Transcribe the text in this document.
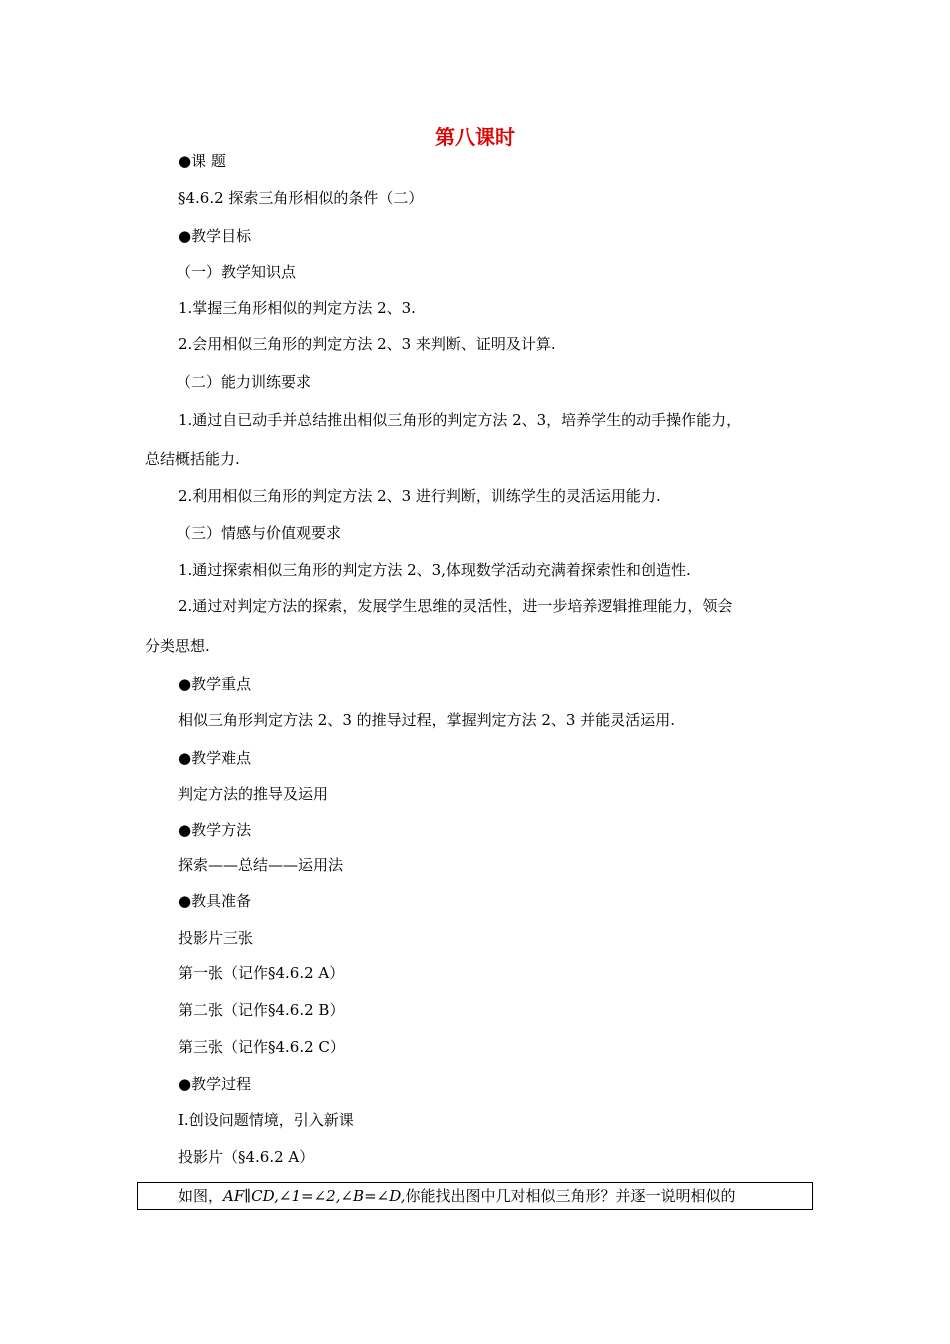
第八课时
●课 题
§4.6.2 探索三角形相似的条件（二）
●教学目标
（一）教学知识点
1.掌握三角形相似的判定方法 2、3.
2.会用相似三角形的判定方法 2、3 来判断、证明及计算.
（二）能力训练要求
1.通过自已动手并总结推出相似三角形的判定方法 2、3，培养学生的动手操作能力，
总结概括能力.
2.利用相似三角形的判定方法 2、3 进行判断，训练学生的灵活运用能力.
（三）情感与价值观要求
1.通过探索相似三角形的判定方法 2、3,体现数学活动充满着探索性和创造性.
2.通过对判定方法的探索，发展学生思维的灵活性，进一步培养逻辑推理能力，领会
分类思想.
●教学重点
相似三角形判定方法 2、3 的推导过程，掌握判定方法 2、3 并能灵活运用.
●教学难点
判定方法的推导及运用
●教学方法
探索——总结——运用法
●教具准备
投影片三张
第一张（记作§4.6.2 A）
第二张（记作§4.6.2 B）
第三张（记作§4.6.2 C）
●教学过程
Ⅰ.创设问题情境，引入新课
投影片（§4.6.2 A）
如图，AF∥CD,∠1=∠2,∠B=∠D,你能找出图中几对相似三角形？并逐一说明相似的
